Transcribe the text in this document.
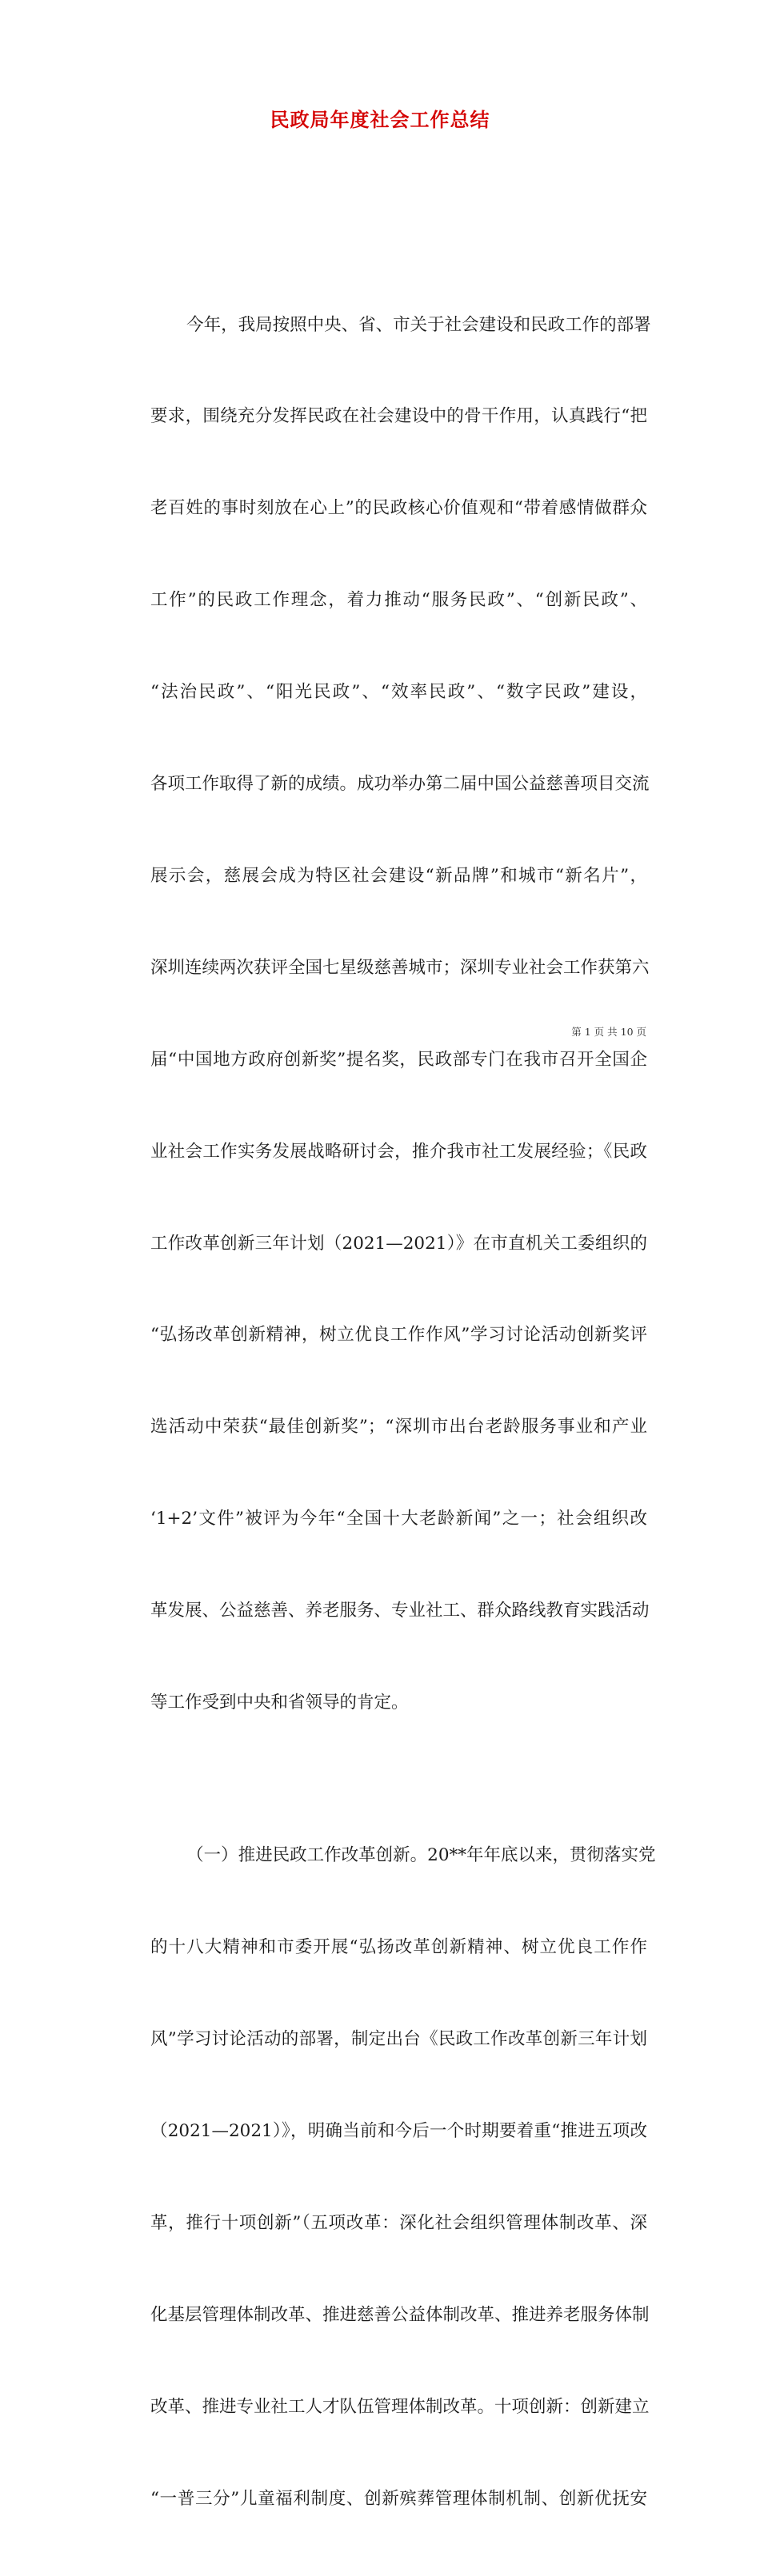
民政局年度社会工作总结

今年，我局按照中央、省、市关于社会建设和民政工作的部署

要求，围绕充分发挥民政在社会建设中的骨干作用，认真践行“把

老百姓的事时刻放在心上”的民政核心价值观和“带着感情做群众

工作”的民政工作理念，着力推动“服务民政”、“创新民政”、

“法治民政”、“阳光民政”、“效率民政”、“数字民政”建设，

各项工作取得了新的成绩。成功举办第二届中国公益慈善项目交流

展示会，慈展会成为特区社会建设“新品牌”和城市“新名片”，

深圳连续两次获评全国七星级慈善城市；深圳专业社会工作获第六

届“中国地方政府创新奖”提名奖，民政部专门在我市召开全国企

业社会工作实务发展战略研讨会，推介我市社工发展经验；《民政

工作改革创新三年计划（2021—2021）》在市直机关工委组织的

“弘扬改革创新精神，树立优良工作作风”学习讨论活动创新奖评

选活动中荣获“最佳创新奖”；“深圳市出台老龄服务事业和产业

‘1+2’文件”被评为今年“全国十大老龄新闻”之一；社会组织改

革发展、公益慈善、养老服务、专业社工、群众路线教育实践活动

等工作受到中央和省领导的肯定。

（一）推进民政工作改革创新。20**年年底以来，贯彻落实党

的十八大精神和市委开展“弘扬改革创新精神、树立优良工作作

风”学习讨论活动的部署，制定出台《民政工作改革创新三年计划

（2021—2021）》，明确当前和今后一个时期要着重“推进五项改

革，推行十项创新”（五项改革：深化社会组织管理体制改革、深

化基层管理体制改革、推进慈善公益体制改革、推进养老服务体制

改革、推进专业社工人才队伍管理体制改革。十项创新：创新建立

“一普三分”儿童福利制度、创新殡葬管理体制机制、创新优抚安

第 1 页 共 10 页
